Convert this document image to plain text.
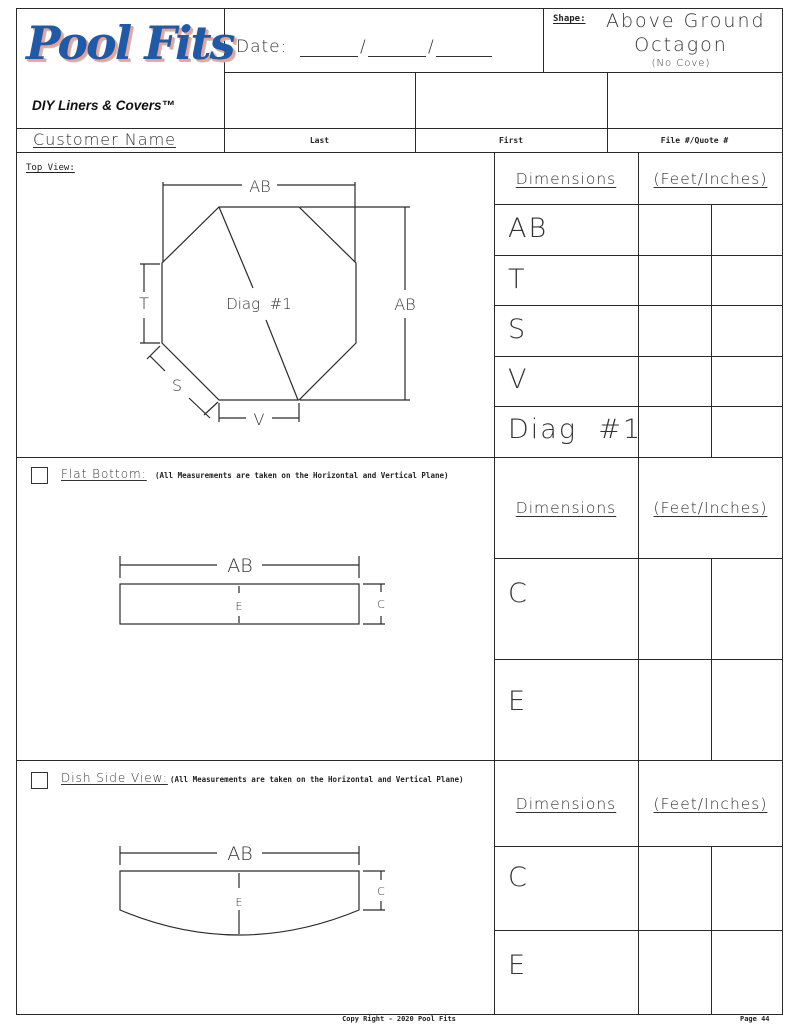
Pool Fits
DIY Liners & Covers™
Date:	/	/
Shape: Above Ground
Octagon
(No Cove)
Customer Name	Last	First	File #/Quote #
Top View:
AB
AB
T
S
V
Diag  #1
Dimensions (Feet/Inches)
AB
T
S
V
Diag  #1
Flat Bottom: (All Measurements are taken on the Horizontal and Vertical Plane)
AB
C
E
Dimensions (Feet/Inches)
C
E
Dish Side View: (All Measurements are taken on the Horizontal and Vertical Plane)
AB
C
E
Dimensions (Feet/Inches)
C
E
Copy Right - 2020 Pool Fits	Page 44
